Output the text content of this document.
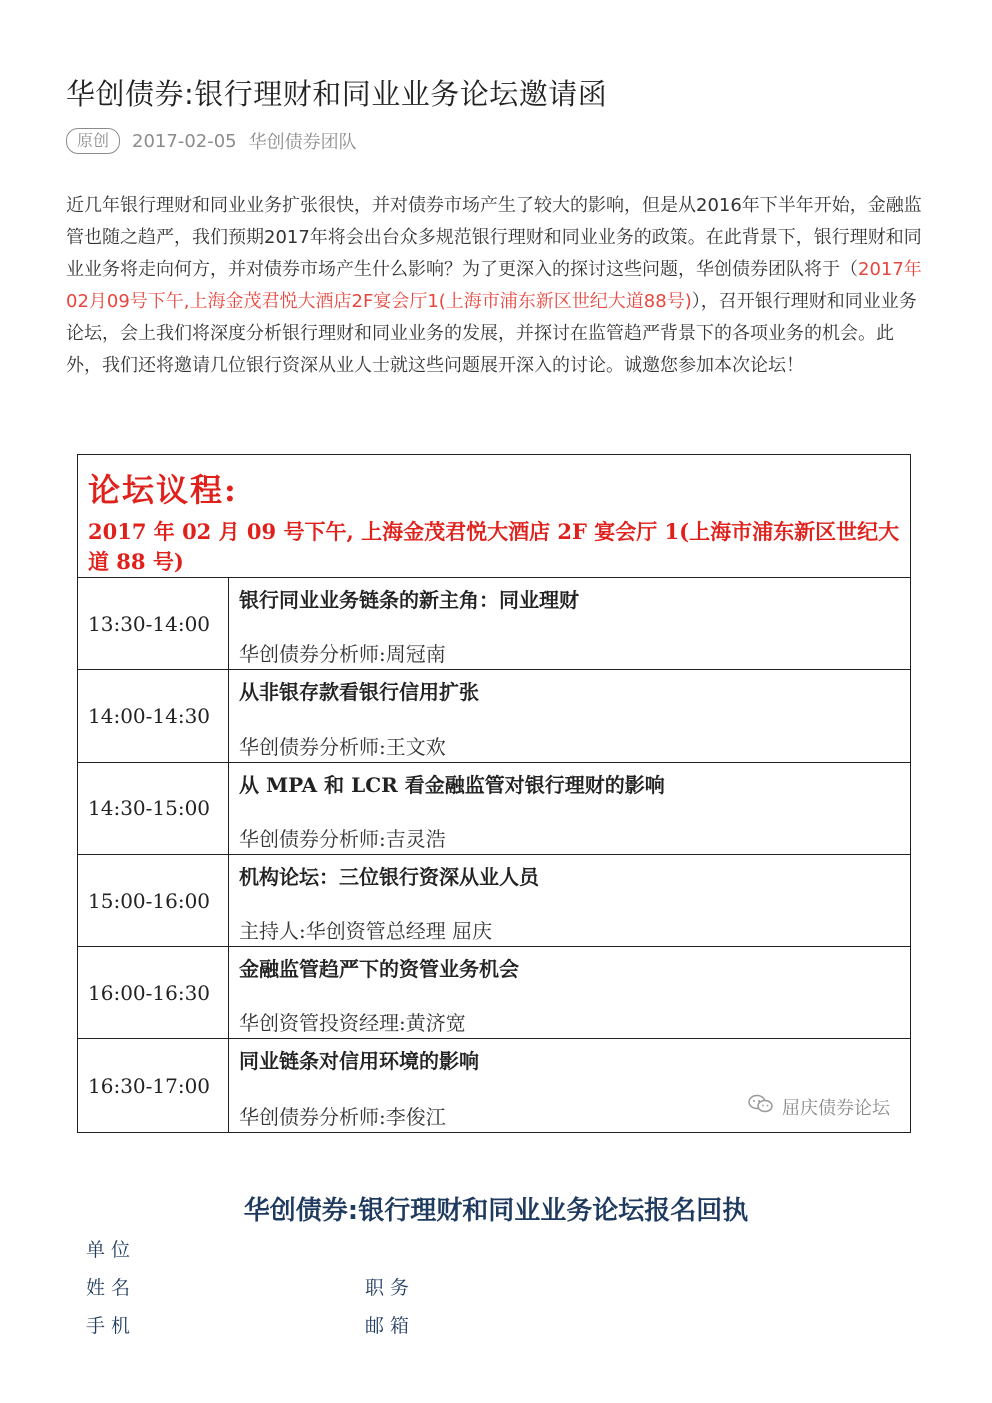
华创债券:银行理财和同业业务论坛邀请函
原创	2017-02-05 华创债券团队

近几年银行理财和同业业务扩张很快，并对债券市场产生了较大的影响，但是从2016年下半年开始，金融监管也随之趋严，我们预期2017年将会出台众多规范银行理财和同业业务的政策。在此背景下，银行理财和同业业务将走向何方，并对债券市场产生什么影响？为了更深入的探讨这些问题，华创债券团队将于（2017年02月09号下午,上海金茂君悦大酒店2F宴会厅1(上海市浦东新区世纪大道88号)），召开银行理财和同业业务论坛，会上我们将深度分析银行理财和同业业务的发展，并探讨在监管趋严背景下的各项业务的机会。此外，我们还将邀请几位银行资深从业人士就这些问题展开深入的讨论。诚邀您参加本次论坛！

论坛议程:
2017 年 02 月 09 号下午, 上海金茂君悦大酒店 2F 宴会厅 1(上海市浦东新区世纪大道 88 号)
13:30-14:00
银行同业业务链条的新主角：同业理财
华创债券分析师:周冠南
14:00-14:30
从非银存款看银行信用扩张
华创债券分析师:王文欢
14:30-15:00
从 MPA 和 LCR 看金融监管对银行理财的影响
华创债券分析师:吉灵浩
15:00-16:00
机构论坛：三位银行资深从业人员
主持人:华创资管总经理 屈庆
16:00-16:30
金融监管趋严下的资管业务机会
华创资管投资经理:黄济宽
16:30-17:00
同业链条对信用环境的影响
华创债券分析师:李俊江	屈庆债券论坛
华创债券:银行理财和同业业务论坛报名回执
单位
姓名	职务
手机	邮箱
